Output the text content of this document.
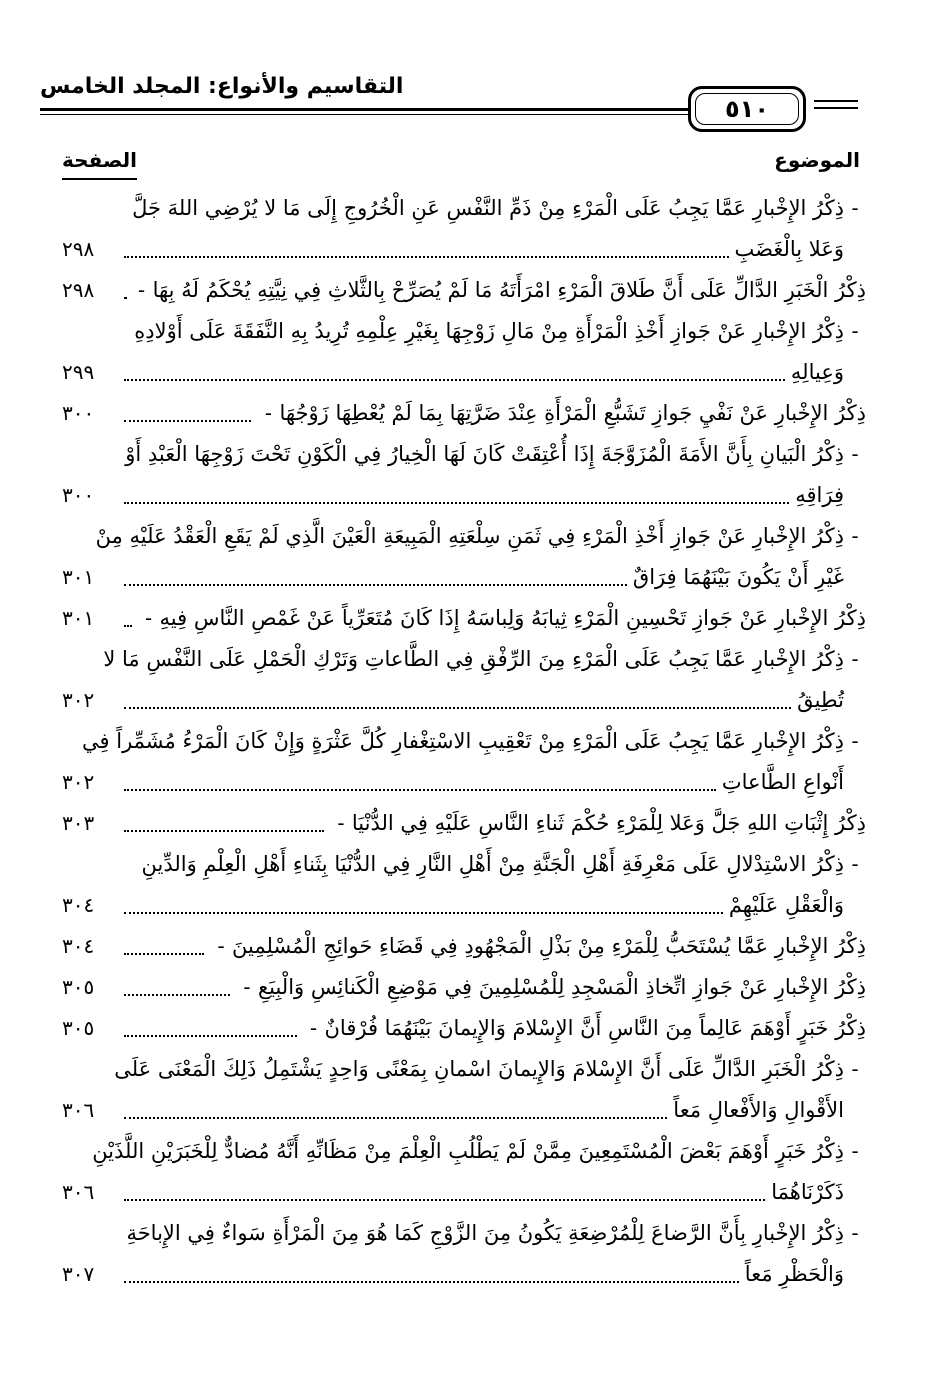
التقاسيم والأنواع: المجلد الخامس
٥١٠
الموضوع
الصفحة
-ذِكْرُ الإِخْبارِ عَمَّا يَجِبُ عَلَى الْمَرْءِ مِنْ ذَمِّ النَّفْسِ عَنِ الْخُرُوجِ إِلَى مَا لا يُرْضِي اللهَ جَلَّ
٢٩٨	وَعَلا بِالْغَضَبِ
٢٩٨	- ذِكْرُ الْخَبَرِ الدَّالِّ عَلَى أَنَّ طَلاقَ الْمَرْءِ امْرَأَتَهُ مَا لَمْ يُصَرِّحْ بِالثَّلاثِ فِي نِيَّتِهِ يُحْكَمُ لَهُ بِهَا
-ذِكْرُ الإِخْبارِ عَنْ جَوازِ أَخْذِ الْمَرْأَةِ مِنْ مَالِ زَوْجِهَا بِغَيْرِ عِلْمِهِ تُرِيدُ بِهِ النَّفَقَةَ عَلَى أَوْلادِهِ
٢٩٩	وَعِيالِهِ
٣٠٠	- ذِكْرُ الإِخْبارِ عَنْ نَفْيِ جَوازِ تَشَبُّعِ الْمَرْأَةِ عِنْدَ ضَرَّتِهَا بِمَا لَمْ يُعْطِهَا زَوْجُهَا
-ذِكْرُ الْبَيانِ بِأَنَّ الأَمَةَ الْمُزَوَّجَةَ إِذَا أُعْتِقَتْ كَانَ لَهَا الْخِيارُ فِي الْكَوْنِ تَحْتَ زَوْجِهَا الْعَبْدِ أَوْ
٣٠٠	فِرَاقِهِ
-ذِكْرُ الإِخْبارِ عَنْ جَوازِ أَخْذِ الْمَرْءِ فِي ثَمَنِ سِلْعَتِهِ الْمَبِيعَةِ الْعَيْنَ الَّذِي لَمْ يَقَعِ الْعَقْدُ عَلَيْهِ مِنْ
٣٠١	غَيْرِ أَنْ يَكُونَ بَيْنَهُمَا فِرَاقٌ
٣٠١	- ذِكْرُ الإِخْبارِ عَنْ جَوازِ تَحْسِينِ الْمَرْءِ ثِيابَهُ وَلِباسَهُ إِذَا كَانَ مُتَعَرِّياً عَنْ غَمْصِ النَّاسِ فِيهِ
-ذِكْرُ الإِخْبارِ عَمَّا يَجِبُ عَلَى الْمَرْءِ مِنَ الرِّفْقِ فِي الطَّاعاتِ وَتَرْكِ الْحَمْلِ عَلَى النَّفْسِ مَا لا
٣٠٢	تُطِيقُ
-ذِكْرُ الإِخْبارِ عَمَّا يَجِبُ عَلَى الْمَرْءِ مِنْ تَعْقِيبِ الاسْتِغْفارِ كُلَّ عَثْرَةٍ وَإِنْ كَانَ الْمَرْءُ مُشَمِّراً فِي
٣٠٢	أَنْواعِ الطَّاعاتِ
٣٠٣	- ذِكْرُ إِثْبَاتِ اللهِ جَلَّ وَعَلا لِلْمَرْءِ حُكْمَ ثَناءِ النَّاسِ عَلَيْهِ فِي الدُّنْيَا
-ذِكْرُ الاسْتِدْلالِ عَلَى مَعْرِفَةِ أَهْلِ الْجَنَّةِ مِنْ أَهْلِ النَّارِ فِي الدُّنْيَا بِثَناءِ أَهْلِ الْعِلْمِ وَالدِّينِ
٣٠٤	وَالْعَقْلِ عَلَيْهِمْ
٣٠٤	- ذِكْرُ الإِخْبارِ عَمَّا يُسْتَحَبُّ لِلْمَرْءِ مِنْ بَذْلِ الْمَجْهُودِ فِي قَضَاءِ حَوائِجِ الْمُسْلِمِينَ
٣٠٥	- ذِكْرُ الإِخْبارِ عَنْ جَوازِ اتِّخاذِ الْمَسْجِدِ لِلْمُسْلِمِينَ فِي مَوْضِعِ الْكَنائِسِ وَالْبِيَعِ
٣٠٥	- ذِكْرُ خَبَرٍ أَوْهَمَ عَالِماً مِنَ النَّاسِ أَنَّ الإِسْلامَ وَالإِيمانَ بَيْنَهُمَا فُرْقانٌ
-ذِكْرُ الْخَبَرِ الدَّالِّ عَلَى أَنَّ الإِسْلامَ وَالإِيمانَ اسْمانِ بِمَعْنًى وَاحِدٍ يَشْتَمِلُ ذَلِكَ الْمَعْنَى عَلَى
٣٠٦	الأَقْوالِ وَالأَفْعالِ مَعاً
-ذِكْرُ خَبَرٍ أَوْهَمَ بَعْضَ الْمُسْتَمِعِينَ مِمَّنْ لَمْ يَطْلُبِ الْعِلْمَ مِنْ مَظَانِّهِ أَنَّهُ مُضادٌّ لِلْخَبَرَيْنِ اللَّذَيْنِ
٣٠٦	ذَكَرْنَاهُمَا
-ذِكْرُ الإِخْبارِ بِأَنَّ الرَّضاعَ لِلْمُرْضِعَةِ يَكُونُ مِنَ الزَّوْجِ كَمَا هُوَ مِنَ الْمَرْأَةِ سَواءٌ فِي الإِباحَةِ
٣٠٧	وَالْحَظْرِ مَعاً
